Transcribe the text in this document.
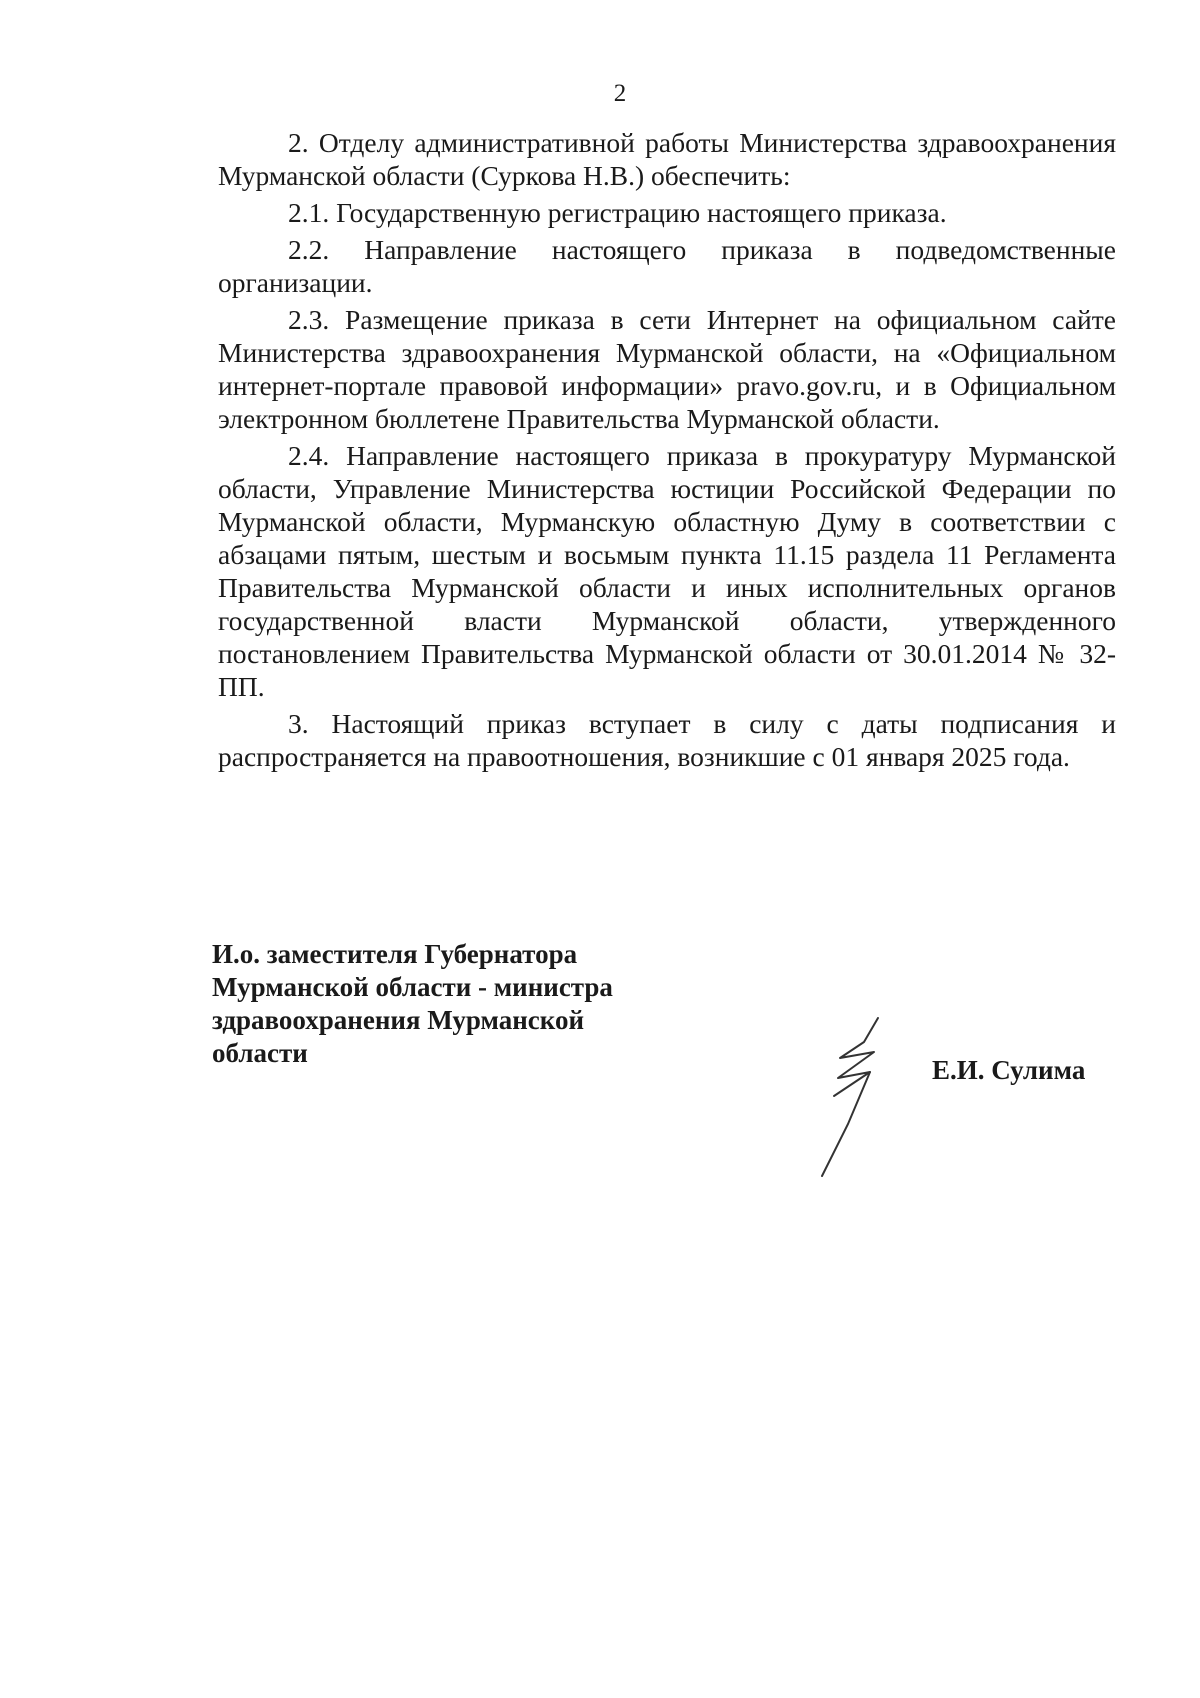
2

2. Отделу административной работы Министерства здравоохранения Мурманской области (Суркова Н.В.) обеспечить:

2.1. Государственную регистрацию настоящего приказа.

2.2. Направление настоящего приказа в подведомственные организации.

2.3. Размещение приказа в сети Интернет на официальном сайте Министерства здравоохранения Мурманской области, на «Официальном интернет-портале правовой информации» pravo.gov.ru, и в Официальном электронном бюллетене Правительства Мурманской области.

2.4. Направление настоящего приказа в прокуратуру Мурманской области, Управление Министерства юстиции Российской Федерации по Мурманской области, Мурманскую областную Думу в соответствии с абзацами пятым, шестым и восьмым пункта 11.15 раздела 11 Регламента Правительства Мурманской области и иных исполнительных органов государственной власти Мурманской области, утвержденного постановлением Правительства Мурманской области от 30.01.2014 № 32-ПП.

3. Настоящий приказ вступает в силу с даты подписания и распространяется на правоотношения, возникшие с 01 января 2025 года.

И.о. заместителя Губернатора
Мурманской области - министра
здравоохранения Мурманской
области
Е.И. Сулима
